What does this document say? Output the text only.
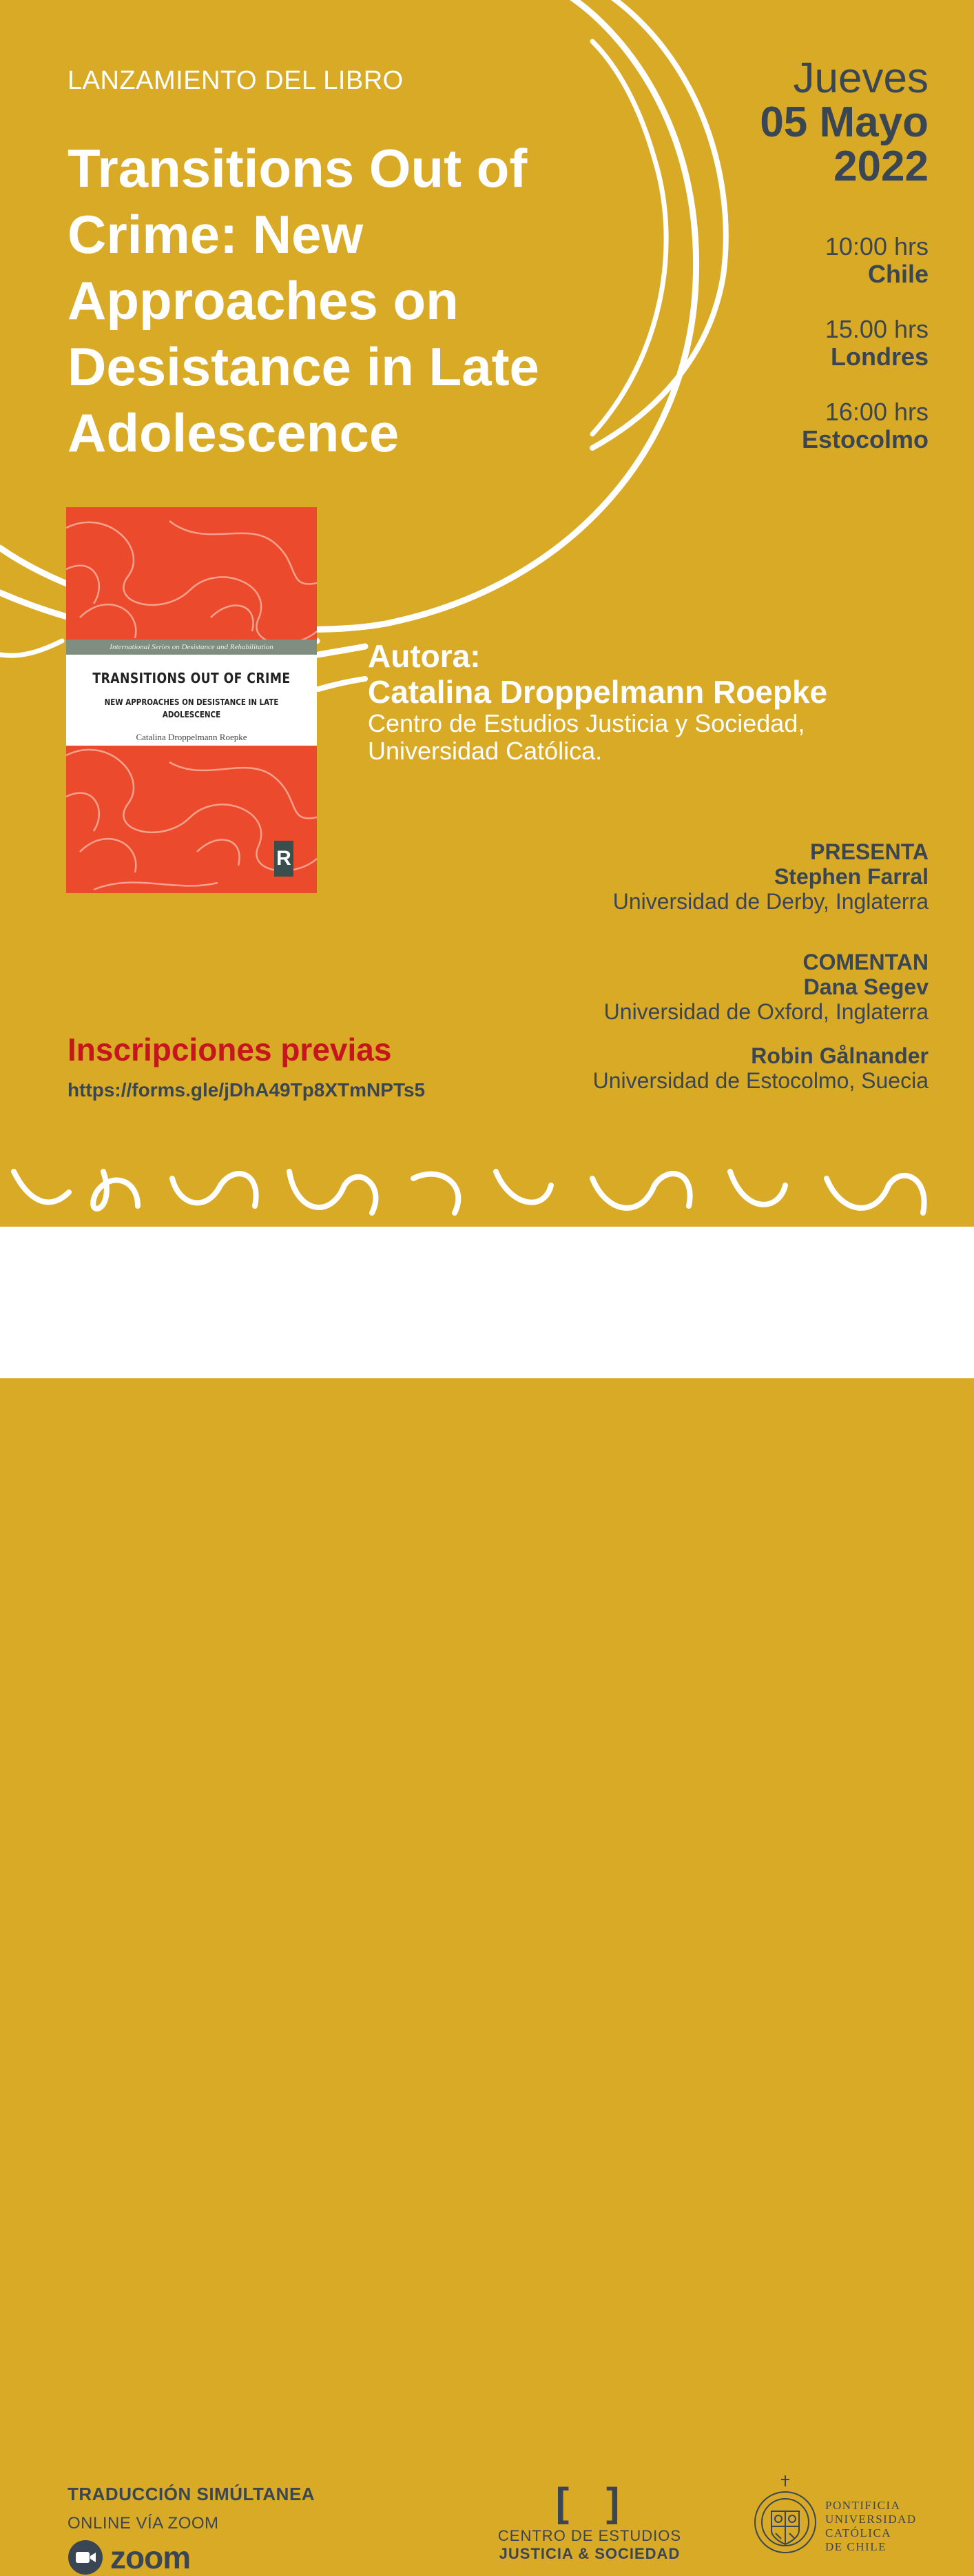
LANZAMIENTO DEL LIBRO
Transitions Out of
Crime: New
Approaches on
Desistance in Late
Adolescence
Jueves
05 Mayo
2022
10:00 hrs
Chile
15.00 hrs
Londres
16:00 hrs
Estocolmo
International Series on Desistance and Rehabilitation
TRANSITIONS OUT OF CRIME
NEW APPROACHES ON DESISTANCE IN LATE ADOLESCENCE
Catalina Droppelmann Roepke
R
Autora:
Catalina Droppelmann Roepke
Centro de Estudios Justicia y Sociedad,
Universidad Católica.
PRESENTA
Stephen Farral
Universidad de Derby, Inglaterra
COMENTAN
Dana Segev
Universidad de Oxford, Inglaterra
Robin Gålnander
Universidad de Estocolmo, Suecia
Inscripciones previas
https://forms.gle/jDhA49Tp8XTmNPTs5
TRADUCCIÓN SIMÚLTANEA
ONLINE VÍA ZOOM
zoom
[&]
CENTRO DE ESTUDIOS
JUSTICIA & SOCIEDAD
PONTIFICIA
UNIVERSIDAD
CATÓLICA
DE CHILE
